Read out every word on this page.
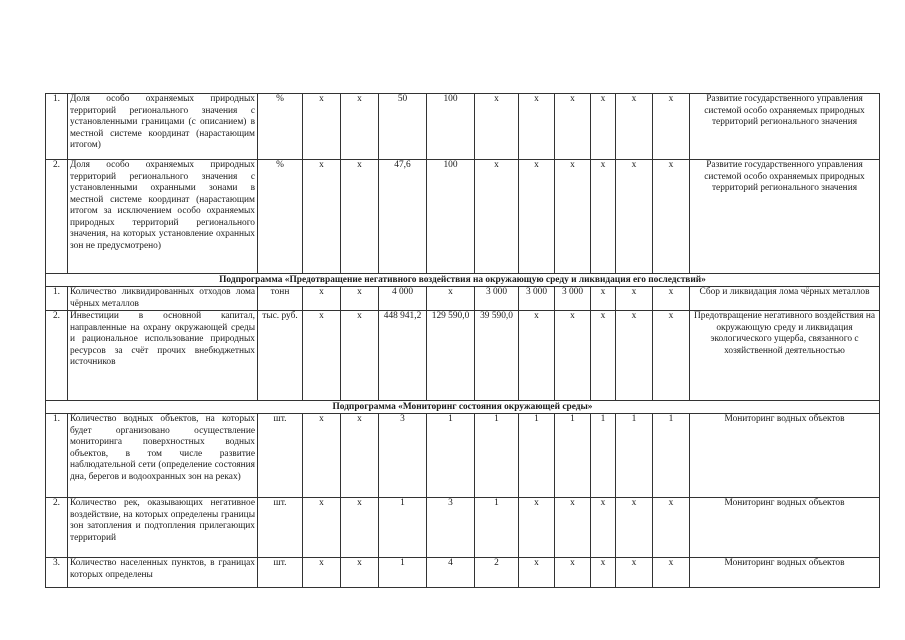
1.	Доля особо охраняемых природных территорий регионального значения с установленными границами (с описанием) в местной системе координат (нарастающим итогом)	%	x	x	50	100	x	x	x	x	x	x	Развитие государственного управления системой особо охраняемых природных территорий регионального значения
2.	Доля особо охраняемых природных территорий регионального значения с установленными охранными зонами в местной системе координат (нарастающим итогом за исключением особо охраняемых природных территорий регионального значения, на которых установление охранных зон не предусмотрено)	%	x	x	47,6	100	x	x	x	x	x	x	Развитие государственного управления системой особо охраняемых природных территорий регионального значения
Подпрограмма «Предотвращение негативного воздействия на окружающую среду и ликвидация его последствий»													
1.	Количество ликвидированных отходов лома чёрных металлов	тонн	x	x	4 000	x	3 000	3 000	3 000	x	x	x	Сбор и ликвидация лома чёрных металлов
2.	Инвестиции в основной капитал, направленные на охрану окружающей среды и рациональное использование природных ресурсов за счёт прочих внебюджетных источников	тыс. руб.	x	x	448 941,2	129 590,0	39 590,0	x	x	x	x	x	Предотвращение негативного воздействия на окружающую среду и ликвидация экологического ущерба, связанного с хозяйственной деятельностью
Подпрограмма «Мониторинг состояния окружающей среды»													
1.	Количество водных объектов, на которых будет организовано осуществление мониторинга поверхностных водных объектов, в том числе развитие наблюдательной сети (определение состояния дна, берегов и водоохранных зон на реках)	шт.	x	x	3	1	1	1	1	1	1	1	Мониторинг водных объектов
2.	Количество рек, оказывающих негативное воздействие, на которых определены границы зон затопления и подтопления прилегающих территорий	шт.	x	x	1	3	1	x	x	x	x	x	Мониторинг водных объектов
3.	Количество населенных пунктов, в границах которых определены	шт.	x	x	1	4	2	x	x	x	x	x	Мониторинг водных объектов
